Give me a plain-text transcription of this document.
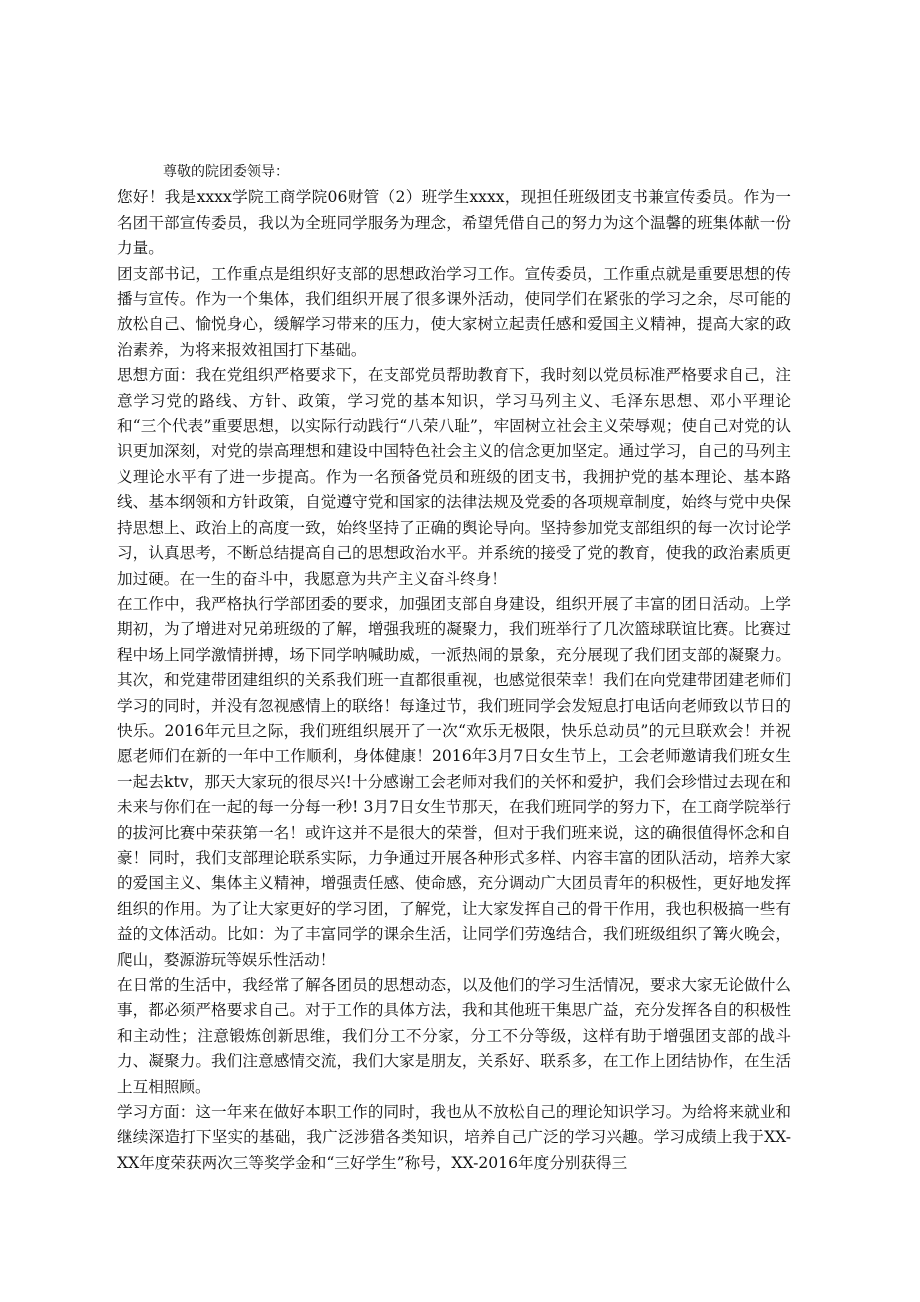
尊敬的院团委领导：

您好！我是xxxx学院工商学院06财管（2）班学生xxxx，现担任班级团支书兼宣传委员。作为一名团干部宣传委员，我以为全班同学服务为理念，希望凭借自己的努力为这个温馨的班集体献一份力量。

团支部书记，工作重点是组织好支部的思想政治学习工作。宣传委员，工作重点就是重要思想的传播与宣传。作为一个集体，我们组织开展了很多课外活动，使同学们在紧张的学习之余，尽可能的放松自己、愉悦身心，缓解学习带来的压力，使大家树立起责任感和爱国主义精神，提高大家的政治素养，为将来报效祖国打下基础。

思想方面：我在党组织严格要求下，在支部党员帮助教育下，我时刻以党员标准严格要求自己，注意学习党的路线、方针、政策，学习党的基本知识，学习马列主义、毛泽东思想、邓小平理论和“三个代表”重要思想，以实际行动践行“八荣八耻”，牢固树立社会主义荣辱观；使自己对党的认识更加深刻，对党的崇高理想和建设中国特色社会主义的信念更加坚定。通过学习，自己的马列主义理论水平有了进一步提高。作为一名预备党员和班级的团支书，我拥护党的基本理论、基本路线、基本纲领和方针政策，自觉遵守党和国家的法律法规及党委的各项规章制度，始终与党中央保持思想上、政治上的高度一致，始终坚持了正确的舆论导向。坚持参加党支部组织的每一次讨论学习，认真思考，不断总结提高自己的思想政治水平。并系统的接受了党的教育，使我的政治素质更加过硬。在一生的奋斗中，我愿意为共产主义奋斗终身！

在工作中，我严格执行学部团委的要求，加强团支部自身建设，组织开展了丰富的团日活动。上学期初，为了增进对兄弟班级的了解，增强我班的凝聚力，我们班举行了几次篮球联谊比赛。比赛过程中场上同学激情拼搏，场下同学呐喊助威，一派热闹的景象，充分展现了我们团支部的凝聚力。其次，和党建带团建组织的关系我们班一直都很重视，也感觉很荣幸！我们在向党建带团建老师们学习的同时，并没有忽视感情上的联络！每逢过节，我们班同学会发短息打电话向老师致以节日的快乐。2016年元旦之际，我们班组织展开了一次“欢乐无极限，快乐总动员”的元旦联欢会！并祝愿老师们在新的一年中工作顺利，身体健康！2016年3月7日女生节上，工会老师邀请我们班女生一起去ktv，那天大家玩的很尽兴!十分感谢工会老师对我们的关怀和爱护，我们会珍惜过去现在和未来与你们在一起的每一分每一秒! 3月7日女生节那天，在我们班同学的努力下，在工商学院举行的拔河比赛中荣获第一名！或许这并不是很大的荣誉，但对于我们班来说，这的确很值得怀念和自豪！同时，我们支部理论联系实际，力争通过开展各种形式多样、内容丰富的团队活动，培养大家的爱国主义、集体主义精神，增强责任感、使命感，充分调动广大团员青年的积极性，更好地发挥组织的作用。为了让大家更好的学习团，了解党，让大家发挥自己的骨干作用，我也积极搞一些有益的文体活动。比如：为了丰富同学的课余生活，让同学们劳逸结合，我们班级组织了篝火晚会，爬山，婺源游玩等娱乐性活动！

在日常的生活中，我经常了解各团员的思想动态，以及他们的学习生活情况，要求大家无论做什么事，都必须严格要求自己。对于工作的具体方法，我和其他班干集思广益，充分发挥各自的积极性和主动性；注意锻炼创新思维，我们分工不分家，分工不分等级，这样有助于增强团支部的战斗力、凝聚力。我们注意感情交流，我们大家是朋友，关系好、联系多，在工作上团结协作，在生活上互相照顾。

学习方面：这一年来在做好本职工作的同时，我也从不放松自己的理论知识学习。为给将来就业和继续深造打下坚实的基础，我广泛涉猎各类知识，培养自己广泛的学习兴趣。学习成绩上我于XX-XX年度荣获两次三等奖学金和“三好学生”称号，XX-2016年度分别获得三
